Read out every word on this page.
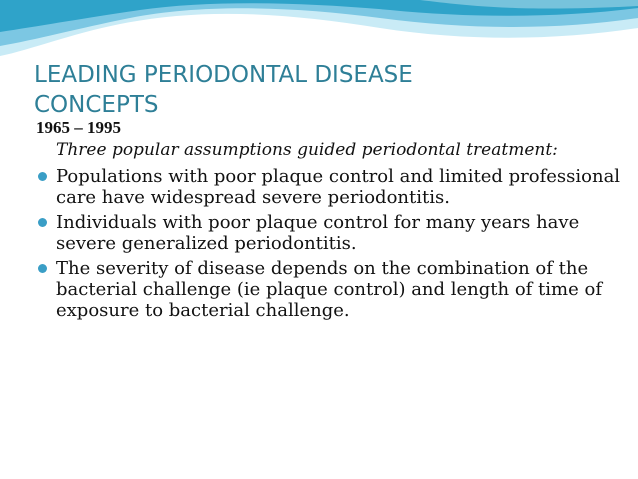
LEADING PERIODONTAL DISEASE
CONCEPTS
1965 – 1995

Three popular assumptions guided periodontal treatment:

Populations with poor plaque control and limited professional care have widespread severe periodontitis.
Individuals with poor plaque control for many years have severe generalized periodontitis.
The severity of disease depends on the combination of the bacterial challenge (ie plaque control) and length of time of exposure to bacterial challenge.
